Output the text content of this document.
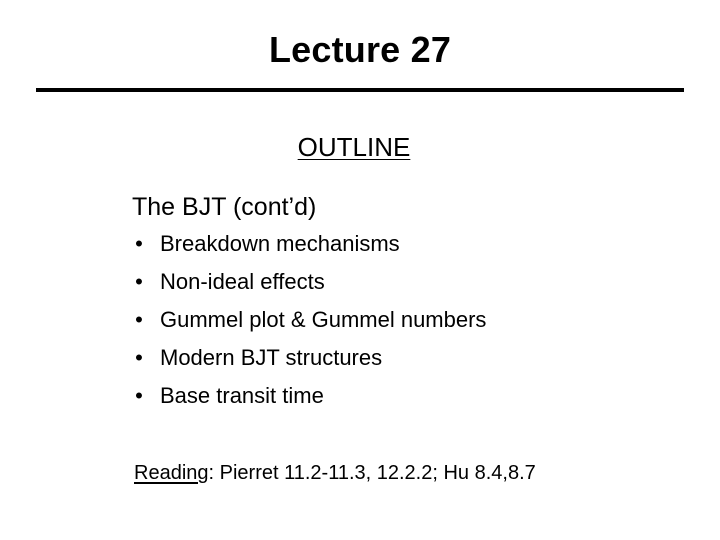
Lecture 27
OUTLINE
The BJT (cont’d)
• Breakdown mechanisms
• Non-ideal effects
• Gummel plot & Gummel numbers
• Modern BJT structures
• Base transit time
Reading: Pierret 11.2-11.3, 12.2.2; Hu 8.4,8.7
